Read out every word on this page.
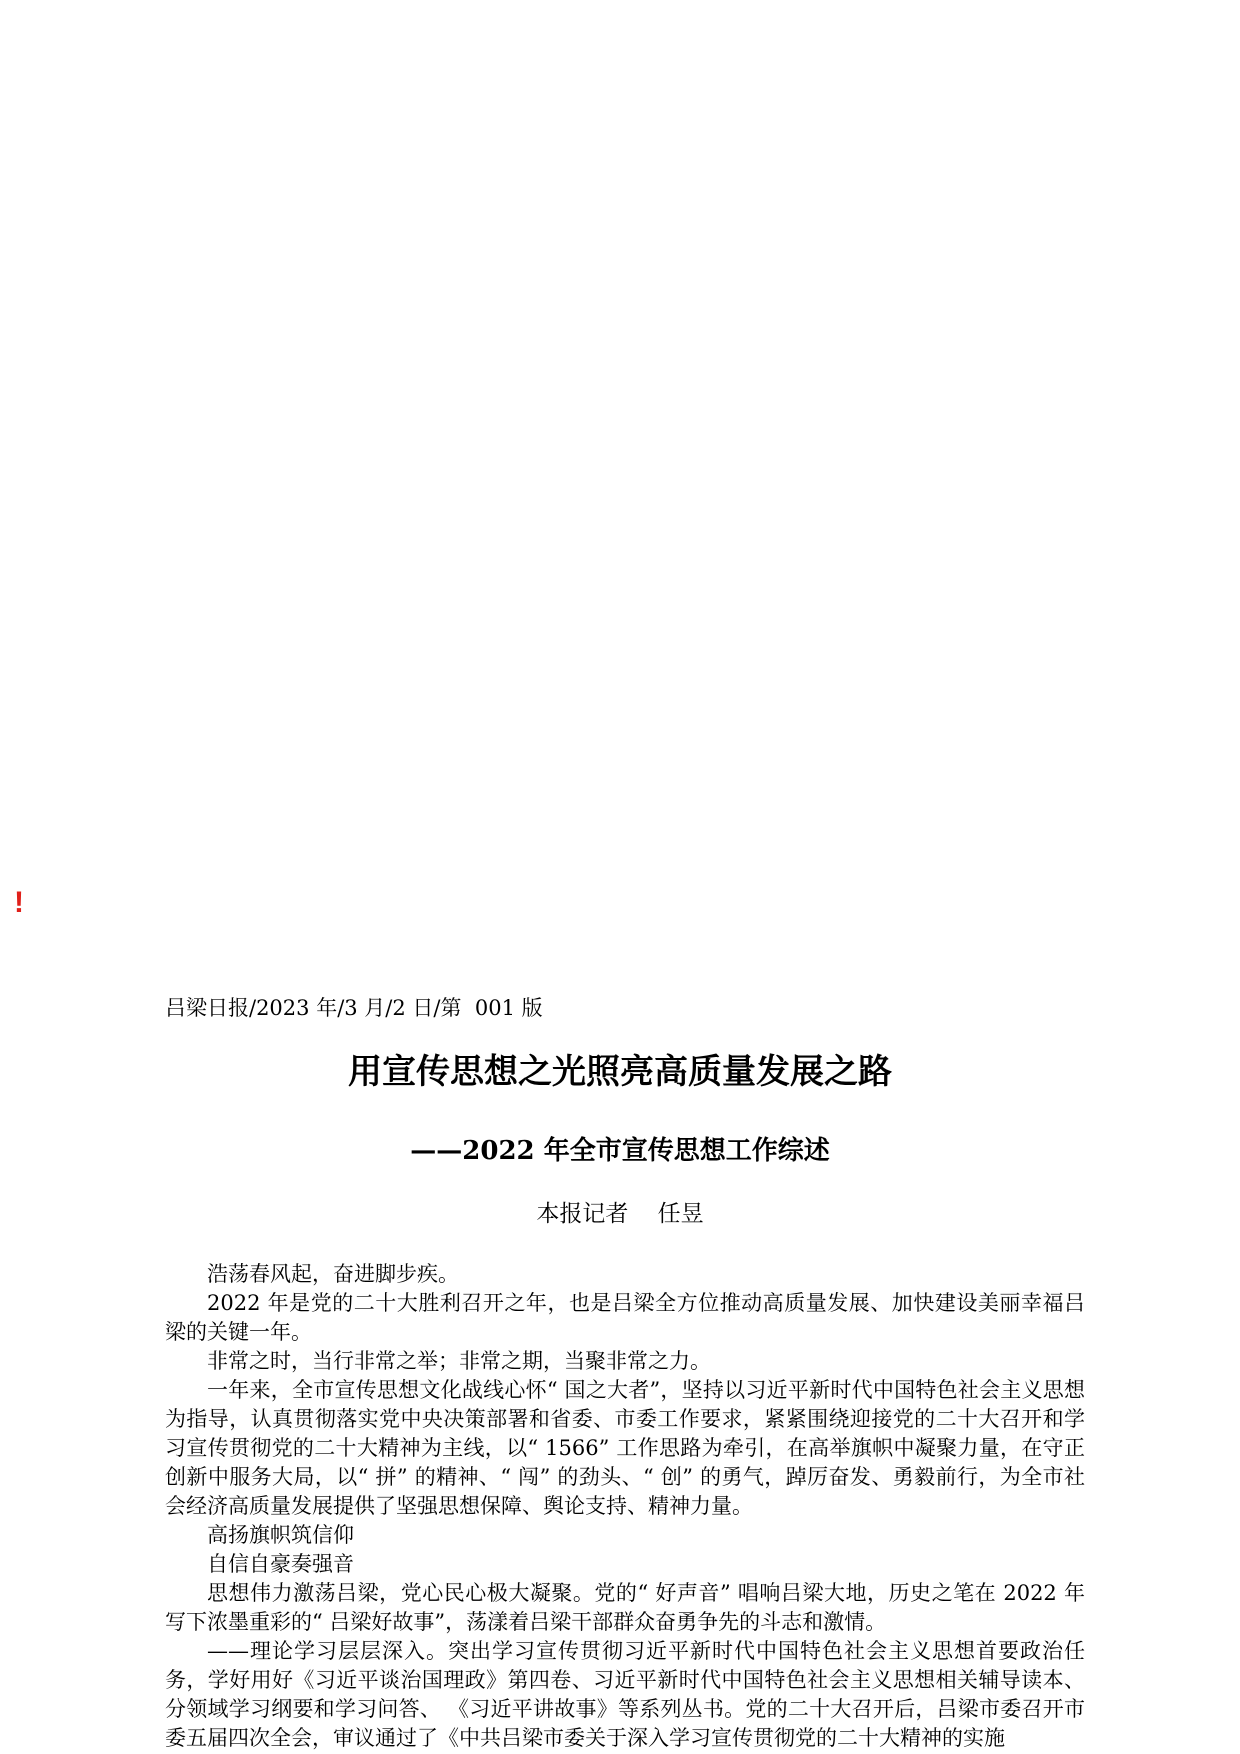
!
吕梁日报/2023 年/3 月/2 日/第  001 版
用宣传思想之光照亮高质量发展之路
——2022 年全市宣传思想工作综述
本报记者    任昱

浩荡春风起，奋进脚步疾。

2022 年是党的二十大胜利召开之年，也是吕梁全方位推动高质量发展、加快建设美丽幸福吕梁的关键一年。

非常之时，当行非常之举；非常之期，当聚非常之力。

一年来，全市宣传思想文化战线心怀“ 国之大者”，坚持以习近平新时代中国特色社会主义思想为指导，认真贯彻落实党中央决策部署和省委、市委工作要求，紧紧围绕迎接党的二十大召开和学习宣传贯彻党的二十大精神为主线，以“ 1566” 工作思路为牵引，在高举旗帜中凝聚力量，在守正创新中服务大局，以“ 拼” 的精神、“ 闯” 的劲头、“ 创” 的勇气，踔厉奋发、勇毅前行，为全市社会经济高质量发展提供了坚强思想保障、舆论支持、精神力量。

高扬旗帜筑信仰

自信自豪奏强音

思想伟力激荡吕梁，党心民心极大凝聚。党的“ 好声音” 唱响吕梁大地，历史之笔在 2022 年写下浓墨重彩的“ 吕梁好故事”，荡漾着吕梁干部群众奋勇争先的斗志和激情。

——理论学习层层深入。突出学习宣传贯彻习近平新时代中国特色社会主义思想首要政治任务，学好用好《习近平谈治国理政》第四卷、习近平新时代中国特色社会主义思想相关辅导读本、分领域学习纲要和学习问答、 《习近平讲故事》等系列丛书。党的二十大召开后，吕梁市委召开市委五届四次全会，审议通过了《中共吕梁市委关于深入学习宣传贯彻党的二十大精神的实施
